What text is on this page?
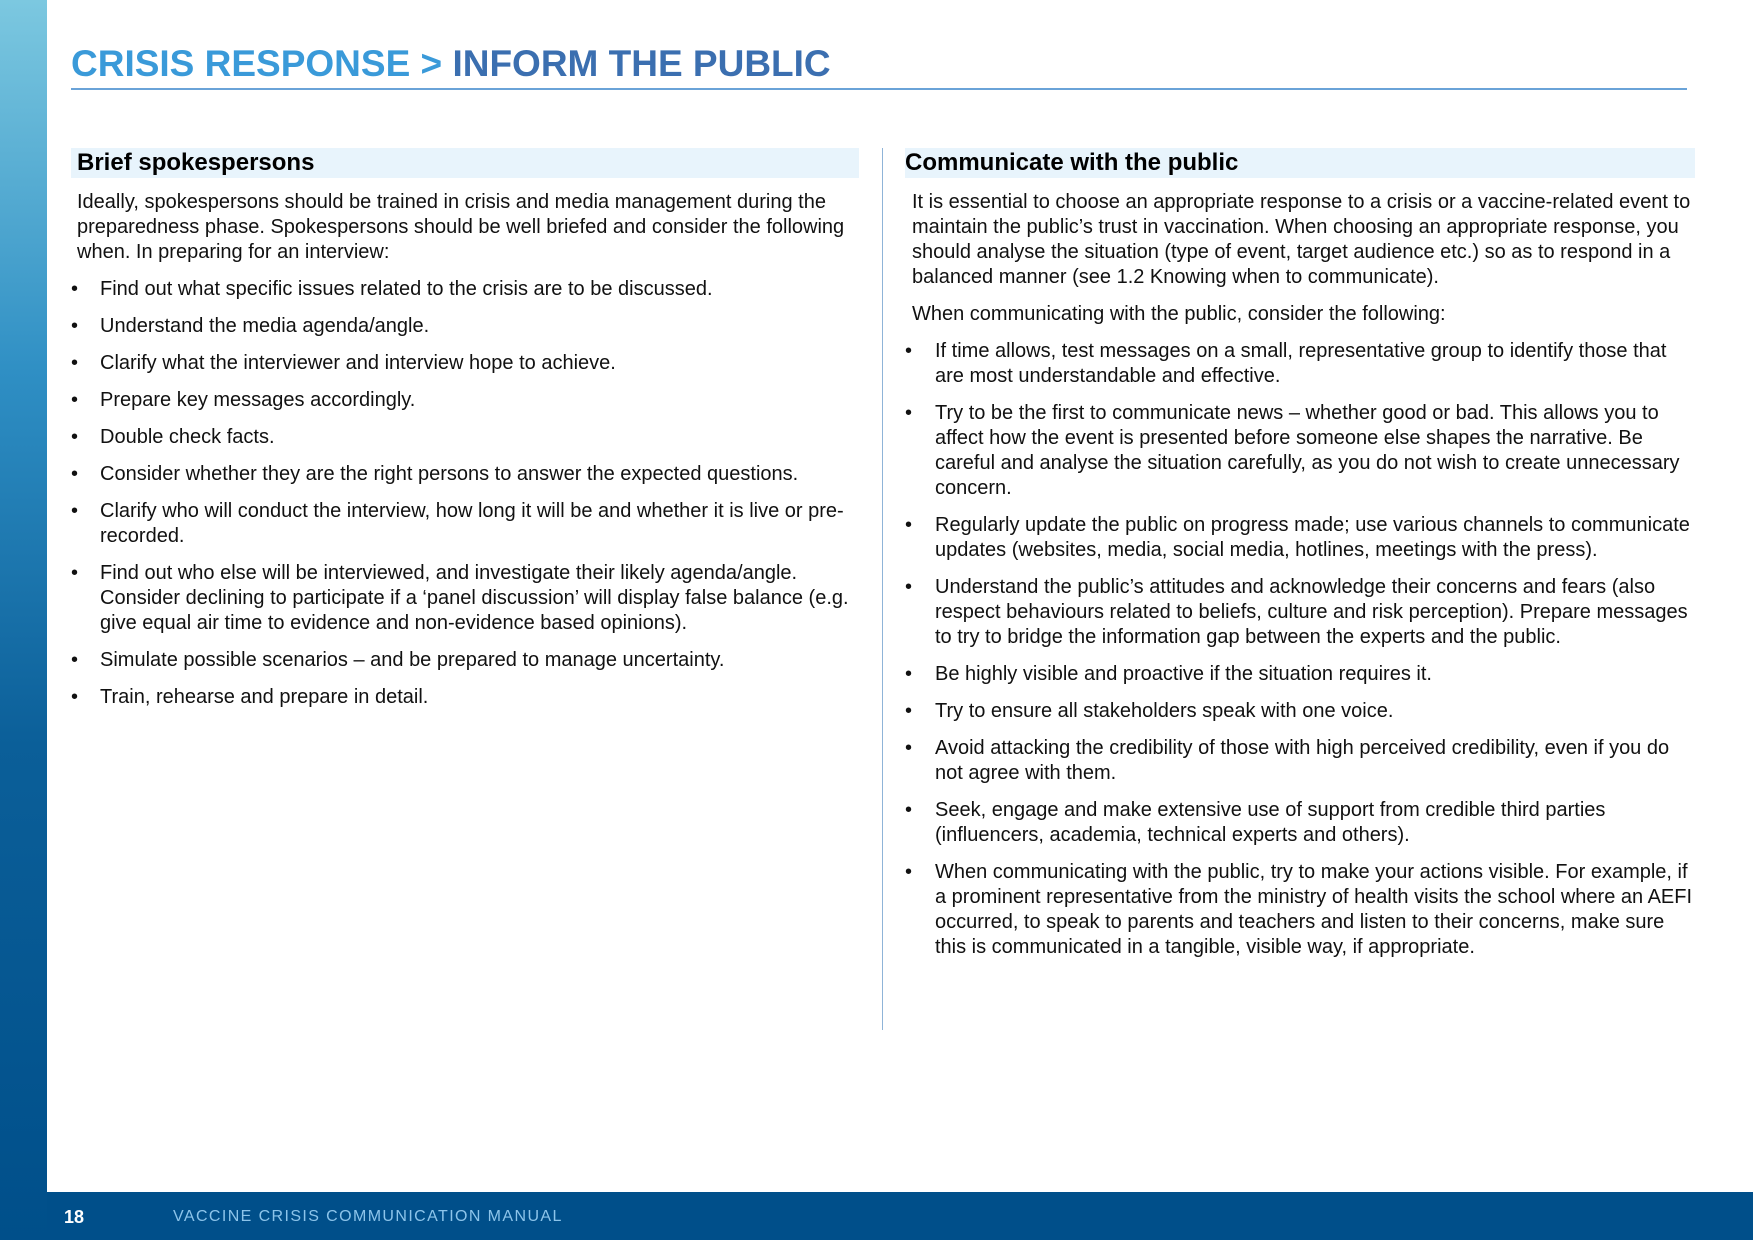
CRISIS RESPONSE > INFORM THE PUBLIC
Brief spokespersons

Ideally, spokespersons should be trained in crisis and media management during the preparedness phase. Spokespersons should be well briefed and consider the following when. In preparing for an interview:

• Find out what specific issues related to the crisis are to be discussed.
• Understand the media agenda/angle.
• Clarify what the interviewer and interview hope to achieve.
• Prepare key messages accordingly.
• Double check facts.
• Consider whether they are the right persons to answer the expected questions.
• Clarify who will conduct the interview, how long it will be and whether it is live or pre-recorded.
• Find out who else will be interviewed, and investigate their likely agenda/angle. Consider declining to participate if a ‘panel discussion’ will display false balance (e.g. give equal air time to evidence and non-evidence based opinions).
• Simulate possible scenarios – and be prepared to manage uncertainty.
• Train, rehearse and prepare in detail.
Communicate with the public

It is essential to choose an appropriate response to a crisis or a vaccine-related event to maintain the public’s trust in vaccination. When choosing an appropriate response, you should analyse the situation (type of event, target audience etc.) so as to respond in a balanced manner (see 1.2 Knowing when to communicate).

When communicating with the public, consider the following:

• If time allows, test messages on a small, representative group to identify those that are most understandable and effective.
• Try to be the first to communicate news – whether good or bad. This allows you to affect how the event is presented before someone else shapes the narrative. Be careful and analyse the situation carefully, as you do not wish to create unnecessary concern.
• Regularly update the public on progress made; use various channels to communicate updates (websites, media, social media, hotlines, meetings with the press).
• Understand the public’s attitudes and acknowledge their concerns and fears (also respect behaviours related to beliefs, culture and risk perception). Prepare messages to try to bridge the information gap between the experts and the public.
• Be highly visible and proactive if the situation requires it.
• Try to ensure all stakeholders speak with one voice.
• Avoid attacking the credibility of those with high perceived credibility, even if you do not agree with them.
• Seek, engage and make extensive use of support from credible third parties (influencers, academia, technical experts and others).
• When communicating with the public, try to make your actions visible. For example, if a prominent representative from the ministry of health visits the school where an AEFI occurred, to speak to parents and teachers and listen to their concerns, make sure this is communicated in a tangible, visible way, if appropriate.
18	VACCINE CRISIS COMMUNICATION MANUAL
